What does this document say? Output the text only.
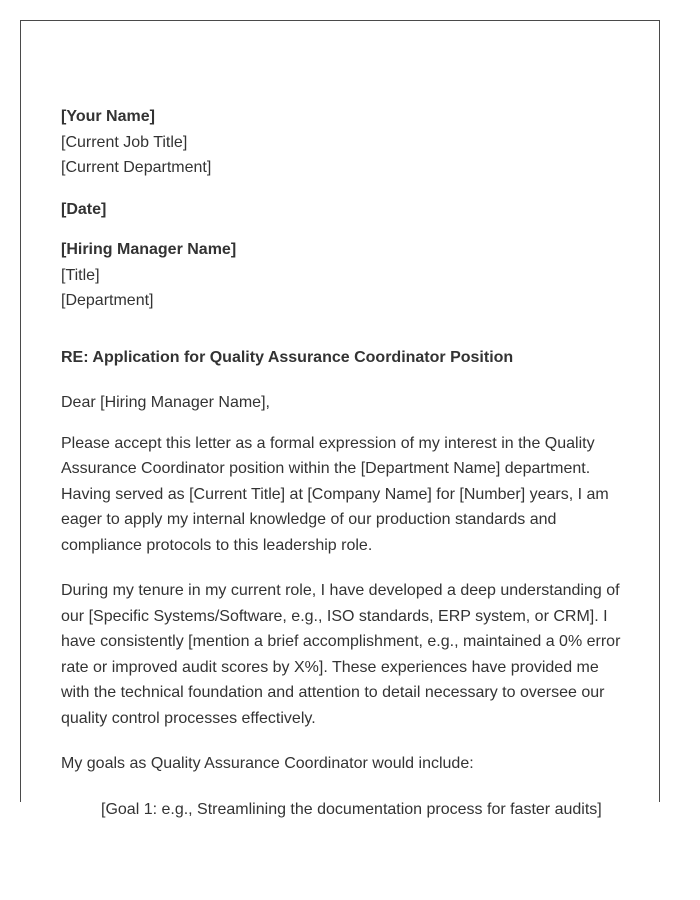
[Your Name]
[Current Job Title]
[Current Department]
[Date]
[Hiring Manager Name]
[Title]
[Department]
RE: Application for Quality Assurance Coordinator Position
Dear [Hiring Manager Name],

Please accept this letter as a formal expression of my interest in the Quality Assurance Coordinator position within the [Department Name] department. Having served as [Current Title] at [Company Name] for [Number] years, I am eager to apply my internal knowledge of our production standards and compliance protocols to this leadership role.

During my tenure in my current role, I have developed a deep understanding of our [Specific Systems/Software, e.g., ISO standards, ERP system, or CRM]. I have consistently [mention a brief accomplishment, e.g., maintained a 0% error rate or improved audit scores by X%]. These experiences have provided me with the technical foundation and attention to detail necessary to oversee our quality control processes effectively.

My goals as Quality Assurance Coordinator would include:

[Goal 1: e.g., Streamlining the documentation process for faster audits]
